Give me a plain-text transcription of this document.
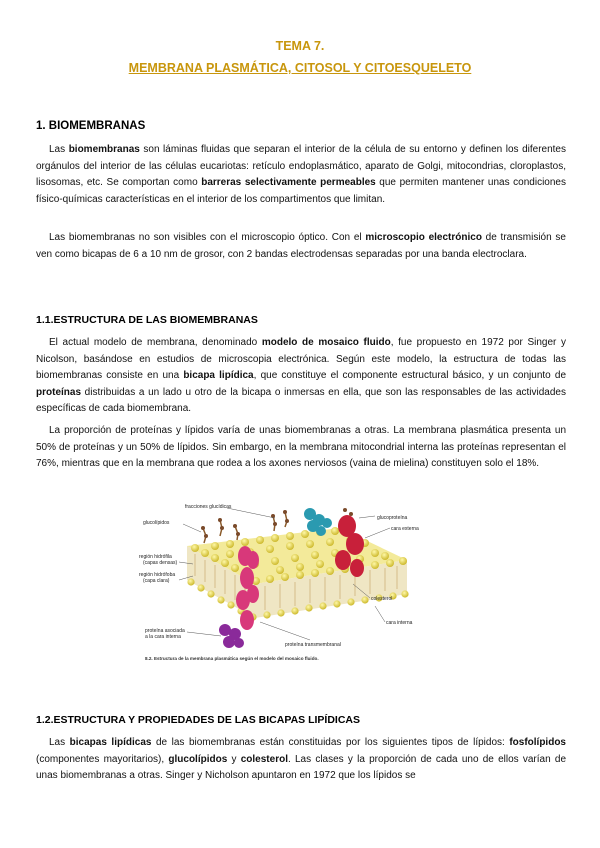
TEMA 7.
MEMBRANA PLASMÁTICA, CITOSOL Y CITOESQUELETO
1. BIOMEMBRANAS

Las biomembranas son láminas fluidas que separan el interior de la célula de su entorno y definen los diferentes orgánulos del interior de las células eucariotas: retículo endoplasmático, aparato de Golgi, mitocondrias, cloroplastos, lisosomas, etc. Se comportan como barreras selectivamente permeables que permiten mantener unas condiciones físico-químicas características en el interior de los compartimentos que limitan.

Las biomembranas no son visibles con el microscopio óptico. Con el microscopio electrónico de transmisión se ven como bicapas de 6 a 10 nm de grosor, con 2 bandas electrodensas separadas por una banda electroclara.

1.1.ESTRUCTURA DE LAS BIOMEMBRANAS

El actual modelo de membrana, denominado modelo de mosaico fluido, fue propuesto en 1972 por Singer y Nicolson, basándose en estudios de microscopia electrónica. Según este modelo, la estructura de todas las biomembranas consiste en una bicapa lipídica, que constituye el componente estructural básico, y un conjunto de proteínas distribuidas a un lado u otro de la bicapa o inmersas en ella, que son las responsables de las actividades específicas de cada biomembrana.

La proporción de proteínas y lípidos varía de unas biomembranas a otras. La membrana plasmática presenta un 50% de proteínas y un 50% de lípidos. Sin embargo, en la membrana mitocondrial interna las proteínas representan el 76%, mientras que en la membrana que rodea a los axones nerviosos (vaina de mielina) constituyen solo el 18%.

fracciones glucídicas
glucoproteína
glucolípidos
cara externa
región hidrófila
(capas densas)
región hidrófoba
(capa clara)
colesterol
cara interna
proteína asociada
a la cara interna
proteína transmembranal
8.2. Estructura de la membrana plasmática según el modelo del mosaico fluido.
1.2.ESTRUCTURA Y PROPIEDADES DE LAS BICAPAS LIPÍDICAS

Las bicapas lipídicas de las biomembranas están constituidas por los siguientes tipos de lípidos: fosfolípidos (componentes mayoritarios), glucolípidos y colesterol. Las clases y la proporción de cada uno de ellos varían de unas biomembranas a otras. Singer y Nicholson apuntaron en 1972 que los lípidos se
